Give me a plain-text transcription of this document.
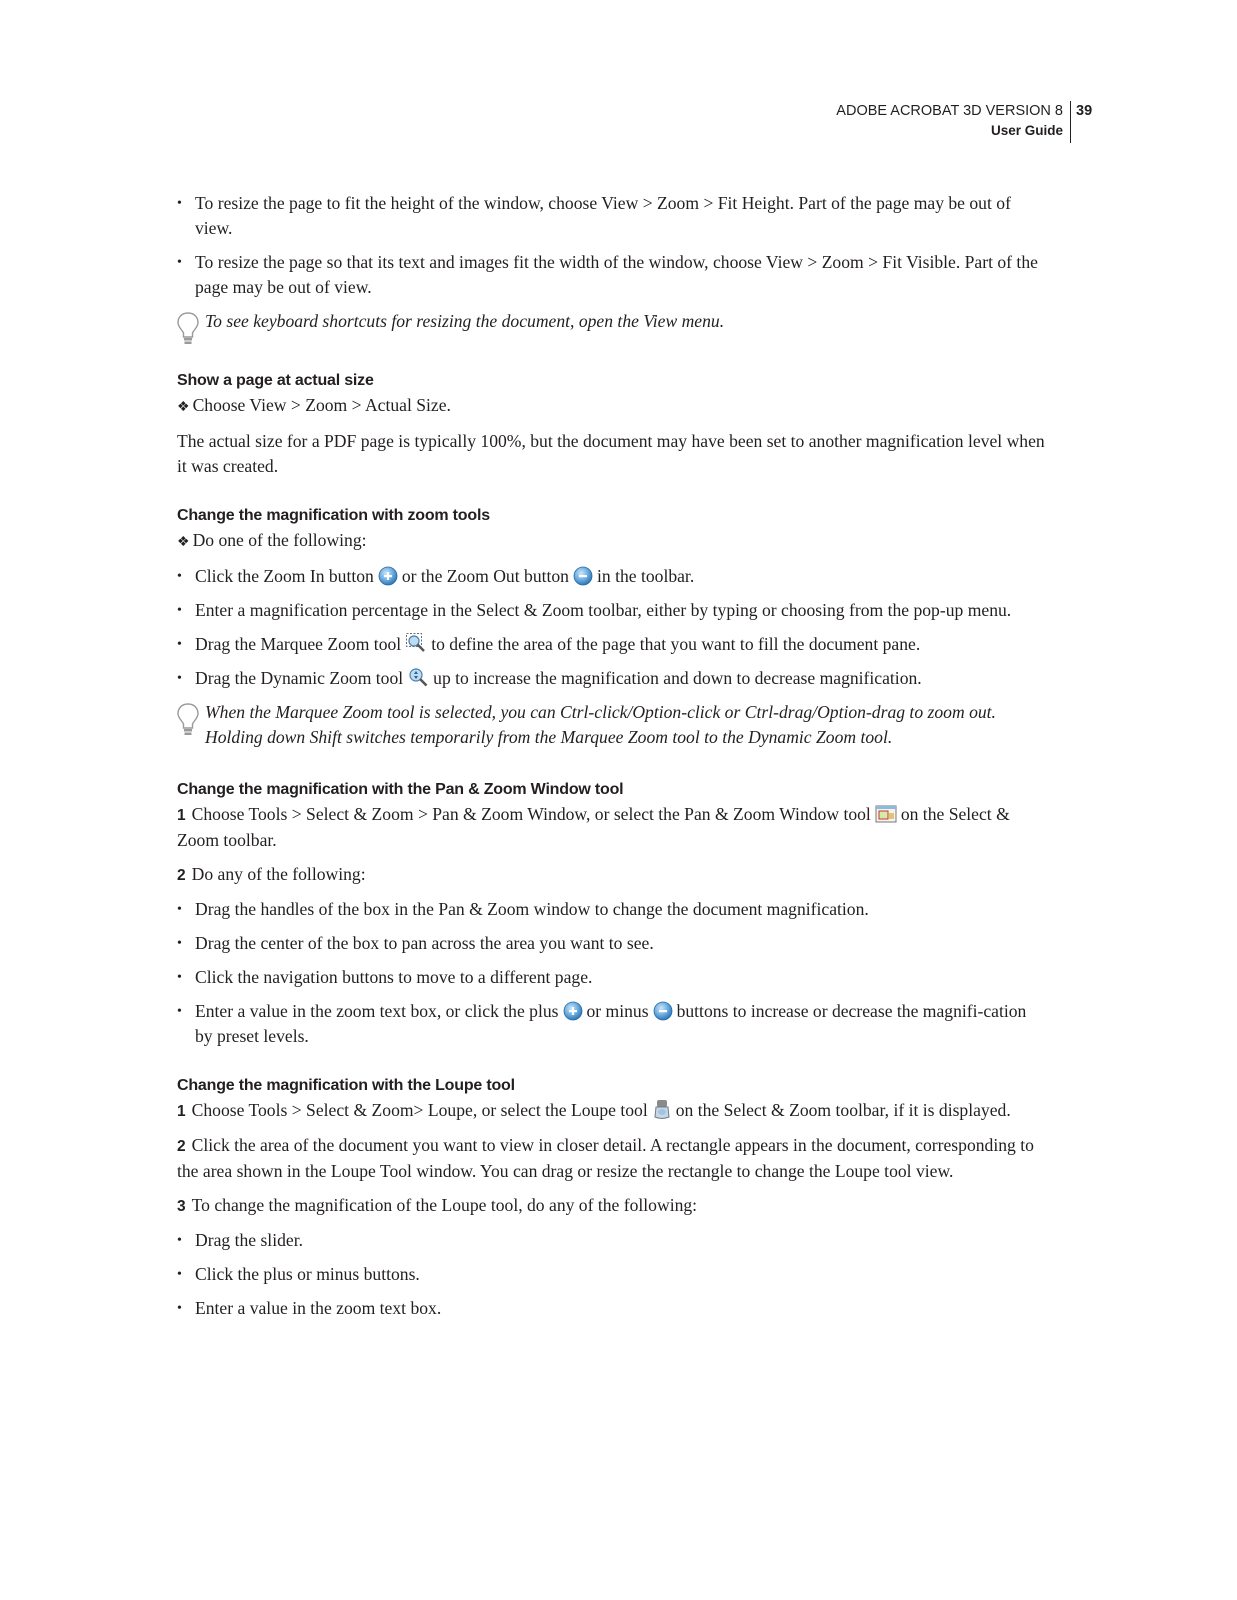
ADOBE ACROBAT 3D VERSION 8
User Guide
39

• To resize the page to fit the height of the window, choose View > Zoom > Fit Height. Part of the page may be out of view.

• To resize the page so that its text and images fit the width of the window, choose View > Zoom > Fit Visible. Part of the page may be out of view.

To see keyboard shortcuts for resizing the document, open the View menu.
Show a page at actual size

❖ Choose View > Zoom > Actual Size.

The actual size for a PDF page is typically 100%, but the document may have been set to another magnification level when it was created.

Change the magnification with zoom tools

❖ Do one of the following:

• Click the Zoom In button or the Zoom Out button in the toolbar.

• Enter a magnification percentage in the Select & Zoom toolbar, either by typing or choosing from the pop-up menu.

• Drag the Marquee Zoom tool to define the area of the page that you want to fill the document pane.

• Drag the Dynamic Zoom tool up to increase the magnification and down to decrease magnification.

When the Marquee Zoom tool is selected, you can Ctrl-click/Option-click or Ctrl-drag/Option-drag to zoom out. Holding down Shift switches temporarily from the Marquee Zoom tool to the Dynamic Zoom tool.
Change the magnification with the Pan & Zoom Window tool

1 Choose Tools > Select & Zoom > Pan & Zoom Window, or select the Pan & Zoom Window tool on the Select & Zoom toolbar.

2 Do any of the following:

• Drag the handles of the box in the Pan & Zoom window to change the document magnification.

• Drag the center of the box to pan across the area you want to see.

• Click the navigation buttons to move to a different page.

• Enter a value in the zoom text box, or click the plus or minus buttons to increase or decrease the magnifi-cation by preset levels.

Change the magnification with the Loupe tool

1 Choose Tools > Select & Zoom> Loupe, or select the Loupe tool on the Select & Zoom toolbar, if it is displayed.

2 Click the area of the document you want to view in closer detail. A rectangle appears in the document, corresponding to the area shown in the Loupe Tool window. You can drag or resize the rectangle to change the Loupe tool view.

3 To change the magnification of the Loupe tool, do any of the following:

• Drag the slider.

• Click the plus or minus buttons.

• Enter a value in the zoom text box.
